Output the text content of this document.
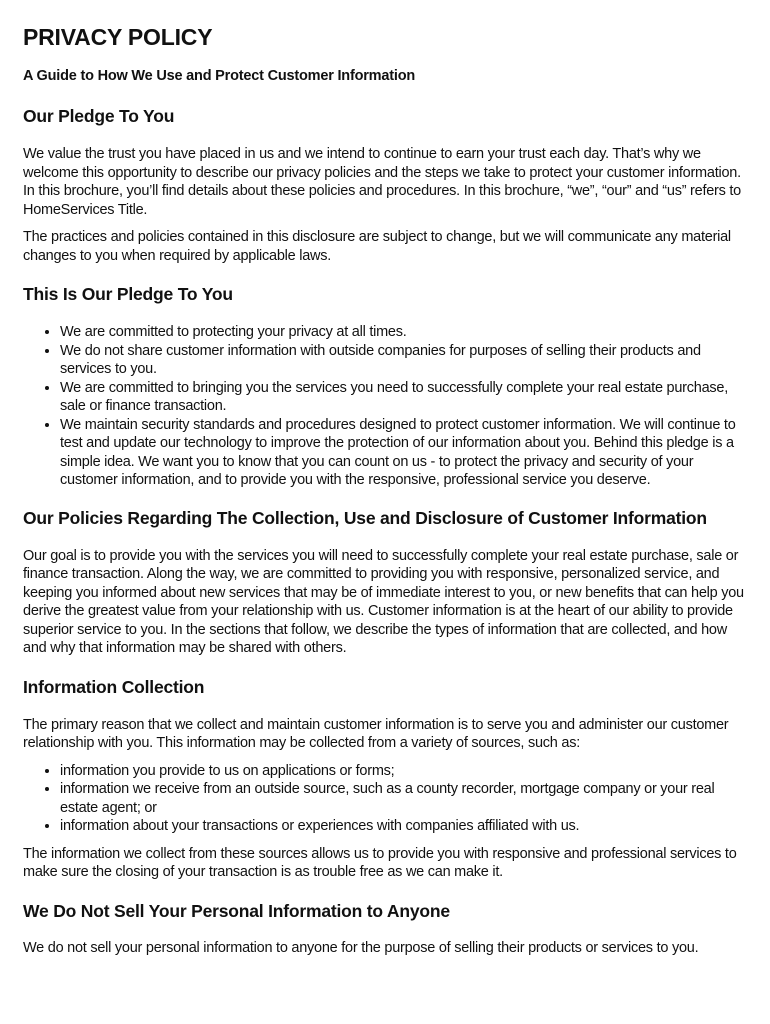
PRIVACY POLICY
A Guide to How We Use and Protect Customer Information
Our Pledge To You

We value the trust you have placed in us and we intend to continue to earn your trust each day. That’s why we welcome this opportunity to describe our privacy policies and the steps we take to protect your customer information. In this brochure, you’ll find details about these policies and procedures. In this brochure, “we”, “our” and “us” refers to HomeServices Title.

The practices and policies contained in this disclosure are subject to change, but we will communicate any material changes to you when required by applicable laws.

This Is Our Pledge To You
• We are committed to protecting your privacy at all times.
• We do not share customer information with outside companies for purposes of selling their products and services to you.
• We are committed to bringing you the services you need to successfully complete your real estate purchase, sale or finance transaction.
• We maintain security standards and procedures designed to protect customer information. We will continue to test and update our technology to improve the protection of our information about you. Behind this pledge is a simple idea. We want you to know that you can count on us - to protect the privacy and security of your customer information, and to provide you with the responsive, professional service you deserve.
Our Policies Regarding The Collection, Use and Disclosure of Customer Information

Our goal is to provide you with the services you will need to successfully complete your real estate purchase, sale or finance transaction. Along the way, we are committed to providing you with responsive, personalized service, and keeping you informed about new services that may be of immediate interest to you, or new benefits that can help you derive the greatest value from your relationship with us. Customer information is at the heart of our ability to provide superior service to you. In the sections that follow, we describe the types of information that are collected, and how and why that information may be shared with others.

Information Collection

The primary reason that we collect and maintain customer information is to serve you and administer our customer relationship with you. This information may be collected from a variety of sources, such as:

• information you provide to us on applications or forms;
• information we receive from an outside source, such as a county recorder, mortgage company or your real estate agent; or
• information about your transactions or experiences with companies affiliated with us.

The information we collect from these sources allows us to provide you with responsive and professional services to make sure the closing of your transaction is as trouble free as we can make it.

We Do Not Sell Your Personal Information to Anyone

We do not sell your personal information to anyone for the purpose of selling their products or services to you.
